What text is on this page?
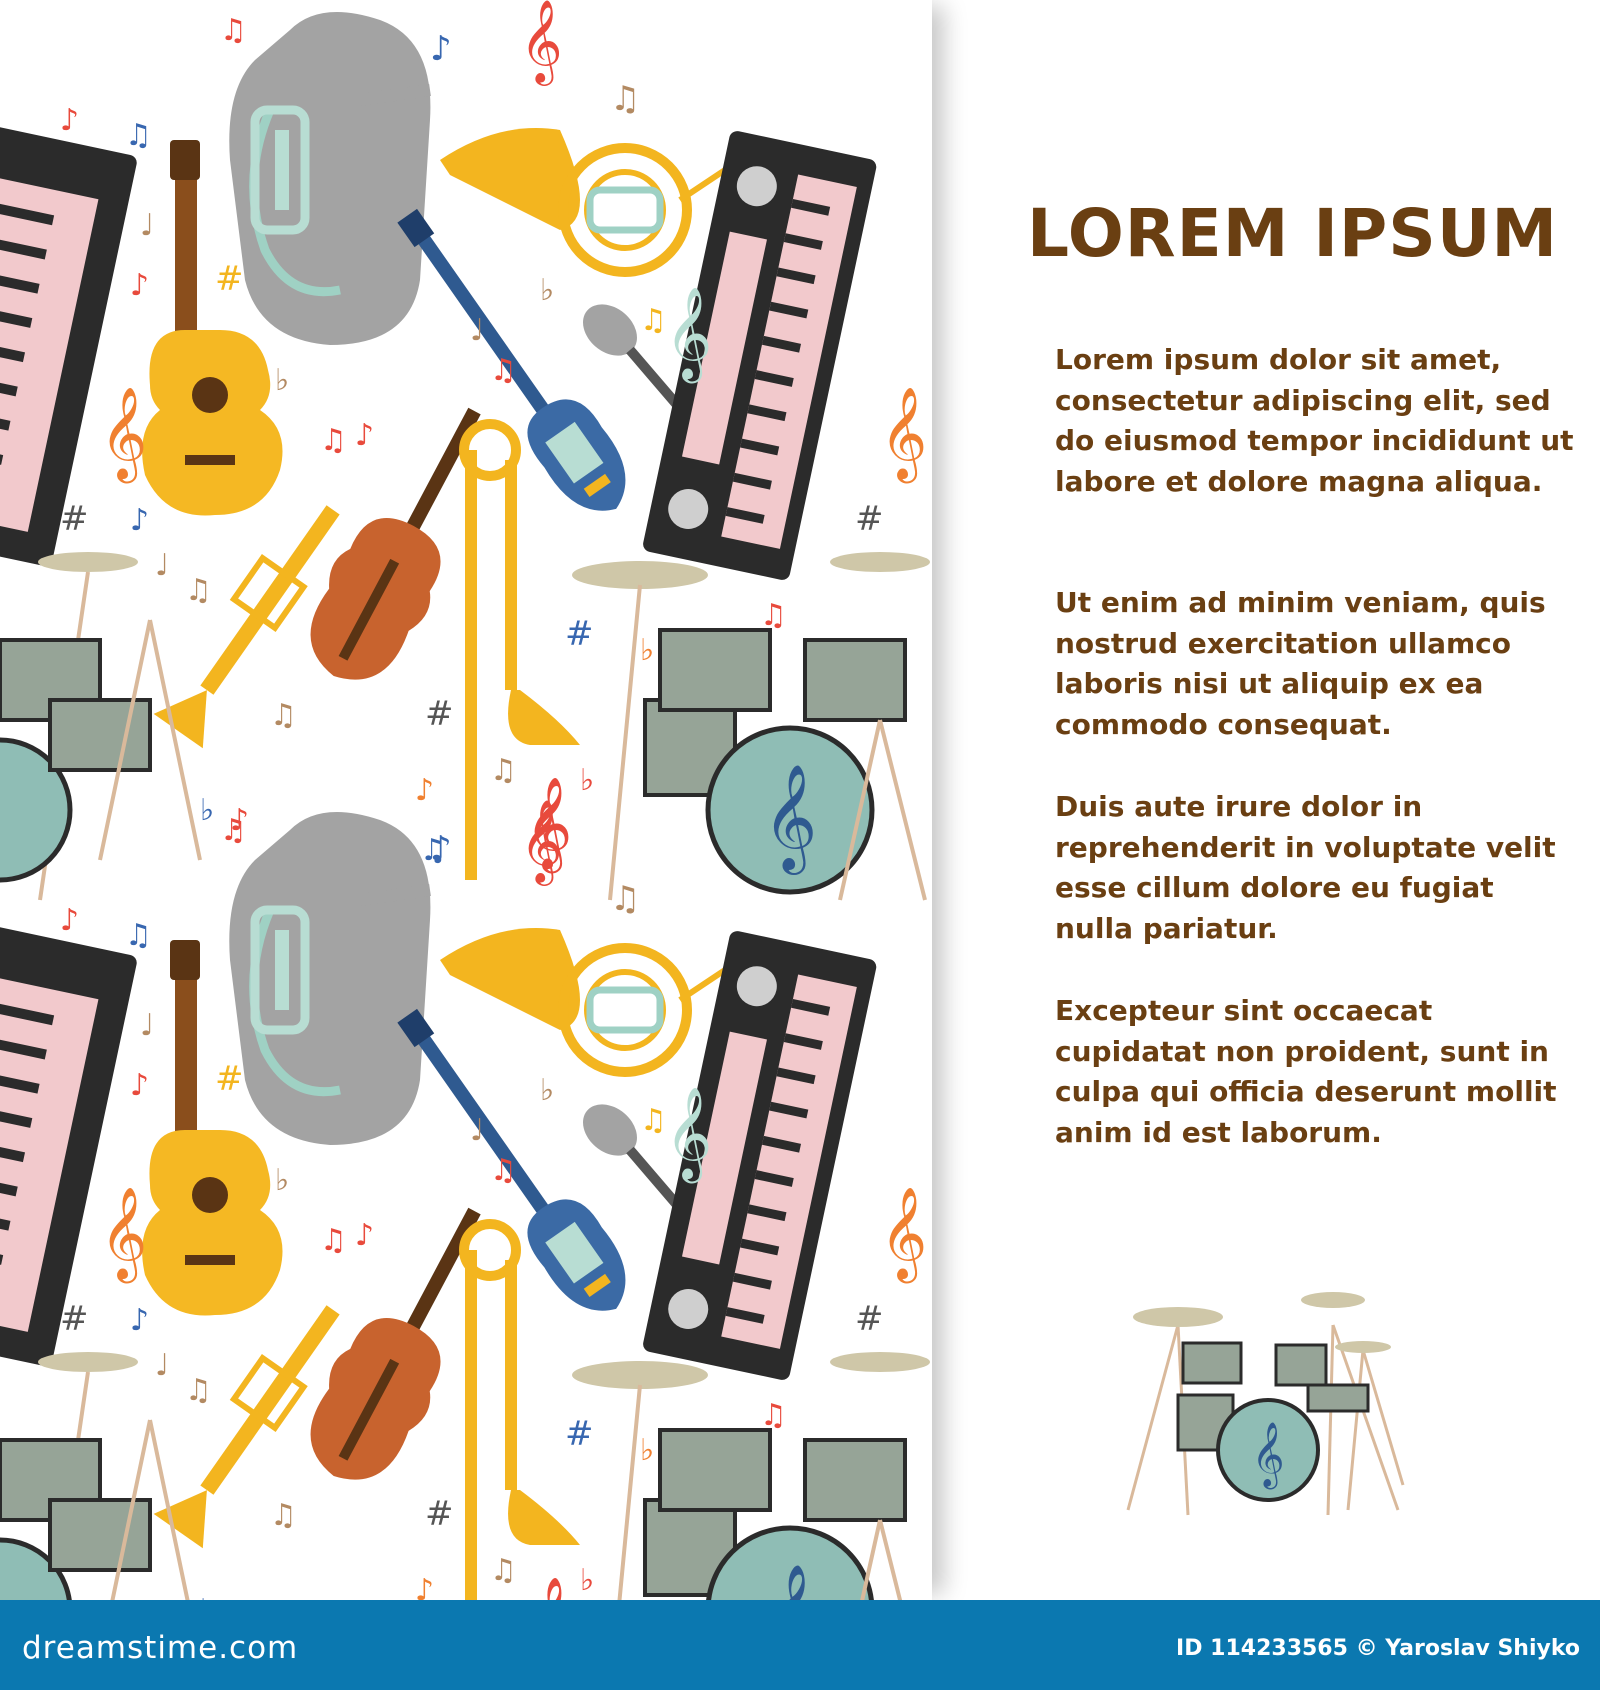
LOREM IPSUM

Lorem ipsum dolor sit amet, consectetur adipiscing elit, sed do eiusmod tempor incididunt ut labore et dolore magna aliqua.

Ut enim ad minim veniam, quis nostrud exercitation ullamco laboris nisi ut aliquip ex ea commodo consequat.

Duis aute irure dolor in reprehenderit in voluptate velit esse cillum dolore eu fugiat nulla pariatur.

Excepteur sint occaecat cupidatat non proident, sunt in culpa qui officia deserunt mollit anim id est laborum.

𝄞
dreamstime.com	ID 114233565 © Yaroslav Shiyko
